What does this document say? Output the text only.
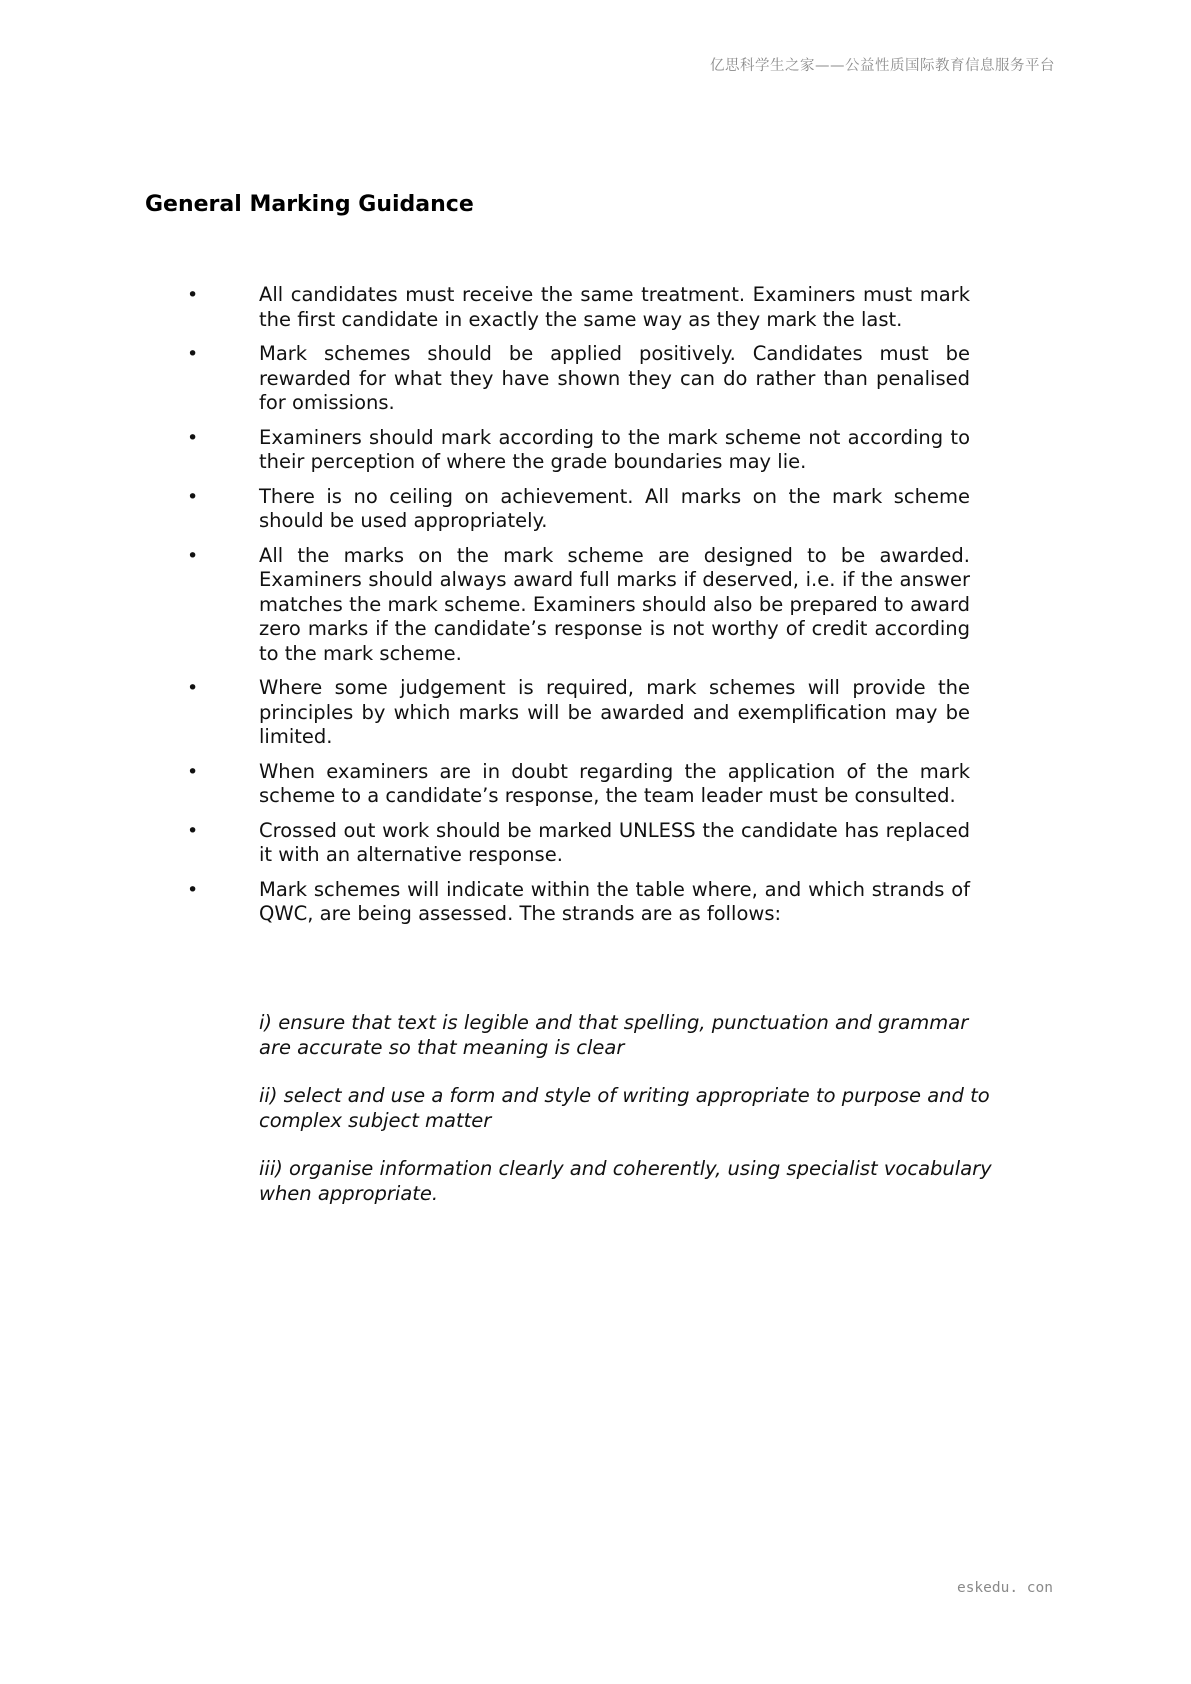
亿思科学生之家——公益性质国际教育信息服务平台
General Marking Guidance
•	All candidates must receive the same treatment. Examiners must mark the first candidate in exactly the same way as they mark the last.
•	Mark schemes should be applied positively. Candidates must be rewarded for what they have shown they can do rather than penalised for omissions.
•	Examiners should mark according to the mark scheme not according to their perception of where the grade boundaries may lie.
•	There is no ceiling on achievement. All marks on the mark scheme should be used appropriately.
•	All the marks on the mark scheme are designed to be awarded. Examiners should always award full marks if deserved, i.e. if the answer matches the mark scheme. Examiners should also be prepared to award zero marks if the candidate’s response is not worthy of credit according to the mark scheme.
•	Where some judgement is required, mark schemes will provide the principles by which marks will be awarded and exemplification may be limited.
•	When examiners are in doubt regarding the application of the mark scheme to a candidate’s response, the team leader must be consulted.
•	Crossed out work should be marked UNLESS the candidate has replaced it with an alternative response.
•	Mark schemes will indicate within the table where, and which strands of QWC, are being assessed. The strands are as follows:

i) ensure that text is legible and that spelling, punctuation and grammar are accurate so that meaning is clear

ii) select and use a form and style of writing appropriate to purpose and to complex subject matter

iii) organise information clearly and coherently, using specialist vocabulary when appropriate.

eskedu. con
